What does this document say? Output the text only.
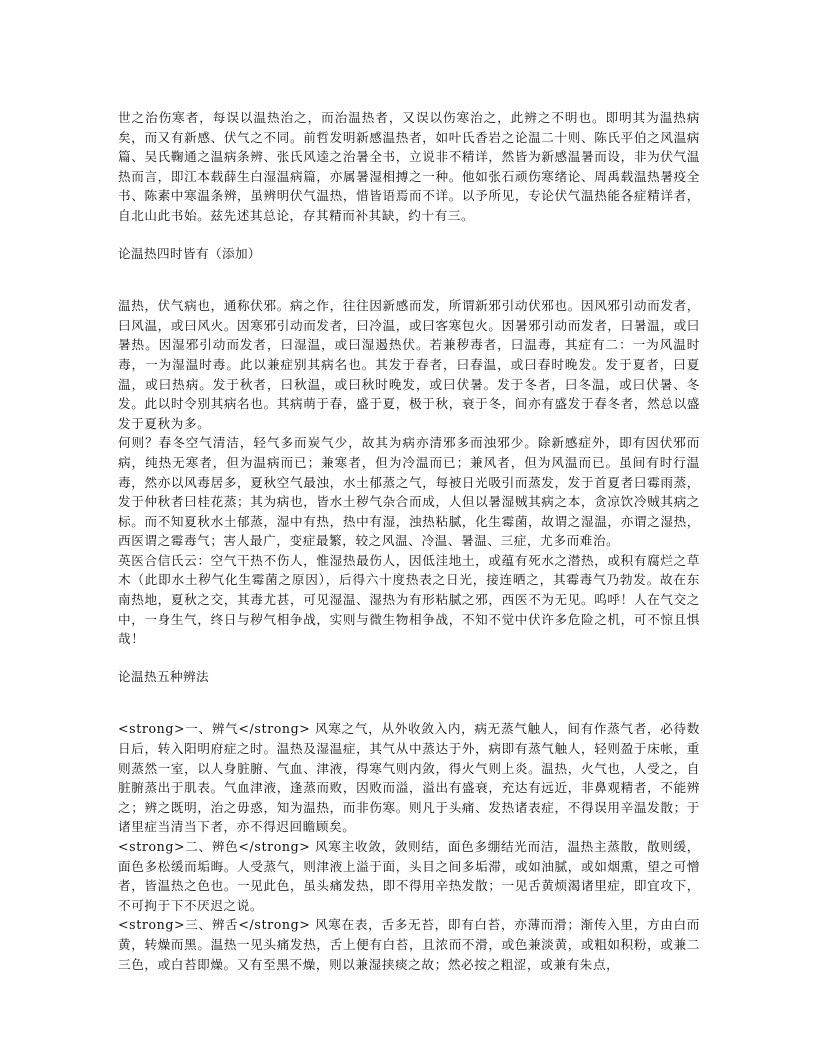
世之治伤寒者，每误以温热治之，而治温热者，又误以伤寒治之，此辨之不明也。即明其为温热病矣，而又有新感、伏气之不同。前哲发明新感温热者，如叶氏香岩之论温二十则、陈氏平伯之风温病篇、吴氏鞠通之温病条辨、张氏风逵之治暑全书，立说非不精详，然皆为新感温暑而设，非为伏气温热而言，即江本载薛生白湿温病篇，亦属暑湿相搏之一种。他如张石顽伤寒绪论、周禹载温热暑疫全书、陈素中寒温条辨，虽辨明伏气温热，惜皆语焉而不详。以予所见，专论伏气温热能各症精详者，自北山此书始。兹先述其总论，存其精而补其缺，约十有三。

论温热四时皆有（添加）

温热，伏气病也，通称伏邪。病之作，往往因新感而发，所谓新邪引动伏邪也。因风邪引动而发者，曰风温，或曰风火。因寒邪引动而发者，曰冷温，或曰客寒包火。因暑邪引动而发者，曰暑温，或曰暑热。因湿邪引动而发者，曰湿温，或曰湿遏热伏。若兼秽毒者，曰温毒，其症有二：一为风温时毒，一为湿温时毒。此以兼症别其病名也。其发于春者，曰春温，或曰春时晚发。发于夏者，曰夏温，或曰热病。发于秋者，曰秋温，或曰秋时晚发，或曰伏暑。发于冬者，曰冬温，或曰伏暑、冬发。此以时令别其病名也。其病萌于春，盛于夏，极于秋，衰于冬，间亦有盛发于春冬者，然总以盛发于夏秋为多。

何则？春冬空气清洁，轻气多而炭气少，故其为病亦清邪多而浊邪少。除新感症外，即有因伏邪而病，纯热无寒者，但为温病而已；兼寒者，但为冷温而已；兼风者，但为风温而已。虽间有时行温毒，然亦以风毒居多，夏秋空气最浊，水土郁蒸之气，每被日光吸引而蒸发，发于首夏者曰霉雨蒸，发于仲秋者曰桂花蒸；其为病也，皆水土秽气杂合而成，人但以暑湿贼其病之本，贪凉饮冷贼其病之标。而不知夏秋水土郁蒸，湿中有热，热中有湿，浊热粘腻，化生霉菌，故谓之湿温，亦谓之湿热，西医谓之霉毒气；害人最广，变症最繁，较之风温、冷温、暑温、三症，尤多而难治。

英医合信氏云：空气干热不伤人，惟湿热最伤人，因低洼地土，或蕴有死水之潜热，或积有腐烂之草木（此即水土秽气化生霉菌之原因），后得六十度热表之日光，接连晒之，其霉毒气乃勃发。故在东南热地，夏秋之交，其毒尤甚，可见湿温、湿热为有形粘腻之邪，西医不为无见。呜呼！人在气交之中，一身生气，终日与秽气相争战，实则与微生物相争战，不知不觉中伏许多危险之机，可不惊且惧哉！

论温热五种辨法

<strong>一、辨气</strong> 风寒之气，从外收敛入内，病无蒸气触人，间有作蒸气者，必待数日后，转入阳明府症之时。温热及湿温症，其气从中蒸达于外，病即有蒸气触人，轻则盈于床帐，重则蒸然一室，以人身脏腑、气血、津液，得寒气则内敛，得火气则上炎。温热，火气也，人受之，自脏腑蒸出于肌表。气血津液，逢蒸而败，因败而溢，溢出有盛衰，充达有远近，非鼻观精者，不能辨之；辨之既明，治之毋惑，知为温热，而非伤寒。则凡于头痛、发热诸表症，不得误用辛温发散；于诸里症当清当下者，亦不得迟回瞻顾矣。

<strong>二、辨色</strong> 风寒主收敛，敛则结，面色多绷结光而洁，温热主蒸散，散则缓，面色多松缓而垢晦。人受蒸气，则津液上溢于面，头目之间多垢滞，或如油腻，或如烟熏，望之可憎者，皆温热之色也。一见此色，虽头痛发热，即不得用辛热发散；一见舌黄烦渴诸里症，即宜攻下，不可拘于下不厌迟之说。

<strong>三、辨舌</strong> 风寒在表，舌多无苔，即有白苔，亦薄而滑；渐传入里，方由白而黄，转燥而黑。温热一见头痛发热，舌上便有白苔，且浓而不滑，或色兼淡黄，或粗如积粉，或兼二三色，或白苔即燥。又有至黑不燥，则以兼湿挟痰之故；然必按之粗涩，或兼有朱点，
